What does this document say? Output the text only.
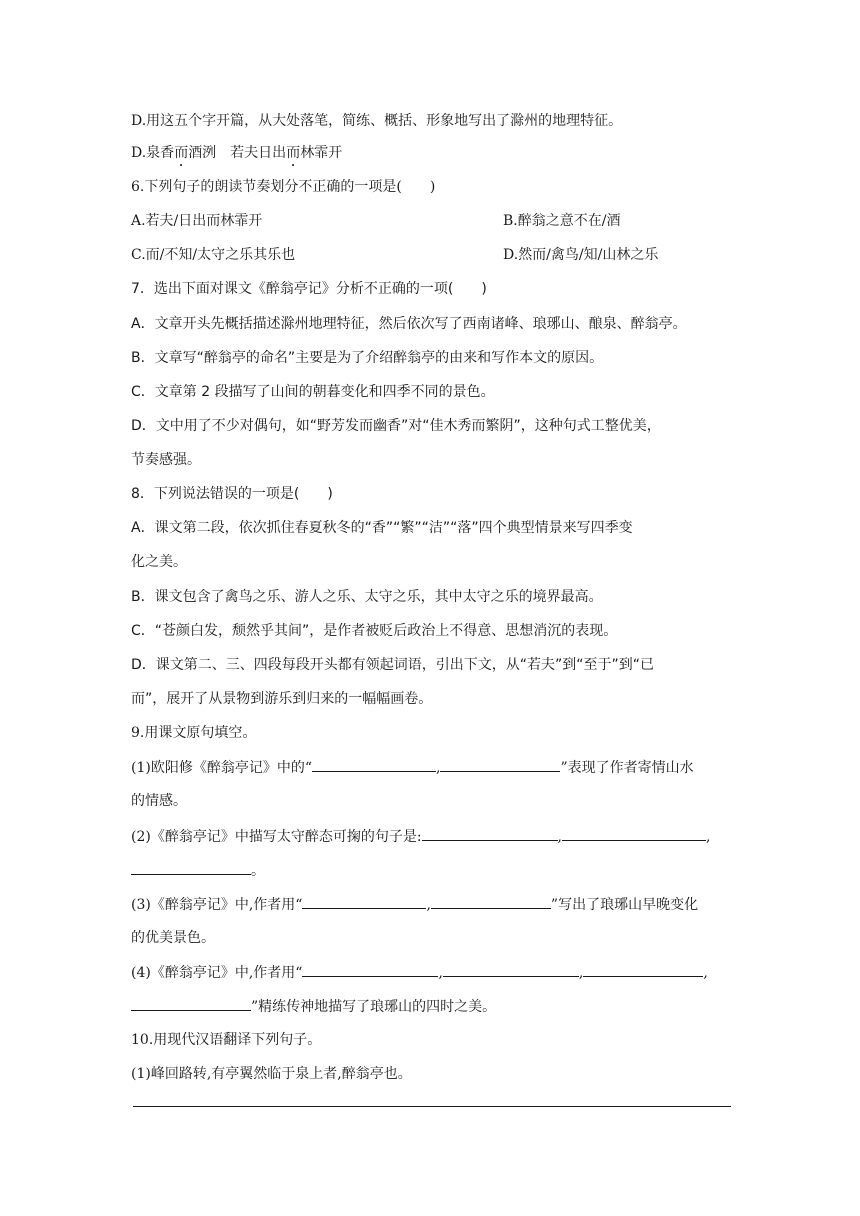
D.用这五个字开篇，从大处落笔，简练、概括、形象地写出了滁州的地理特征。
D.泉香而酒洌　若夫日出而林霏开
6.下列句子的朗读节奏划分不正确的一项是(　　)
A.若夫/日出而林霏开	B.醉翁之意不在/酒
C.而/不知/太守之乐其乐也	D.然而/禽鸟/知/山林之乐
7．选出下面对课文《醉翁亭记》分析不正确的一项(　　)
A．文章开头先概括描述滁州地理特征，然后依次写了西南诸峰、琅琊山、酿泉、醉翁亭。
B．文章写“醉翁亭的命名”主要是为了介绍醉翁亭的由来和写作本文的原因。
C．文章第 2 段描写了山间的朝暮变化和四季不同的景色。
D．文中用了不少对偶句，如“野芳发而幽香”对“佳木秀而繁阴”，这种句式工整优美，
节奏感强。
8．下列说法错误的一项是(　　)
A．课文第二段，依次抓住春夏秋冬的“香”“繁”“洁”“落”四个典型情景来写四季变
化之美。
B．课文包含了禽鸟之乐、游人之乐、太守之乐，其中太守之乐的境界最高。
C．“苍颜白发，颓然乎其间”，是作者被贬后政治上不得意、思想消沉的表现。
D．课文第二、三、四段每段开头都有领起词语，引出下文，从“若夫”到“至于”到“已
而”，展开了从景物到游乐到归来的一幅幅画卷。
9.用课文原句填空。
(1)欧阳修《醉翁亭记》中的“	,	”表现了作者寄情山水
的情感。
(2)《醉翁亭记》中描写太守醉态可掬的句子是:	,	,
。
(3)《醉翁亭记》中,作者用“	,	”写出了琅琊山早晚变化
的优美景色。
(4)《醉翁亭记》中,作者用“	,	,	,
”精练传神地描写了琅琊山的四时之美。
10.用现代汉语翻译下列句子。
(1)峰回路转,有亭翼然临于泉上者,醉翁亭也。
